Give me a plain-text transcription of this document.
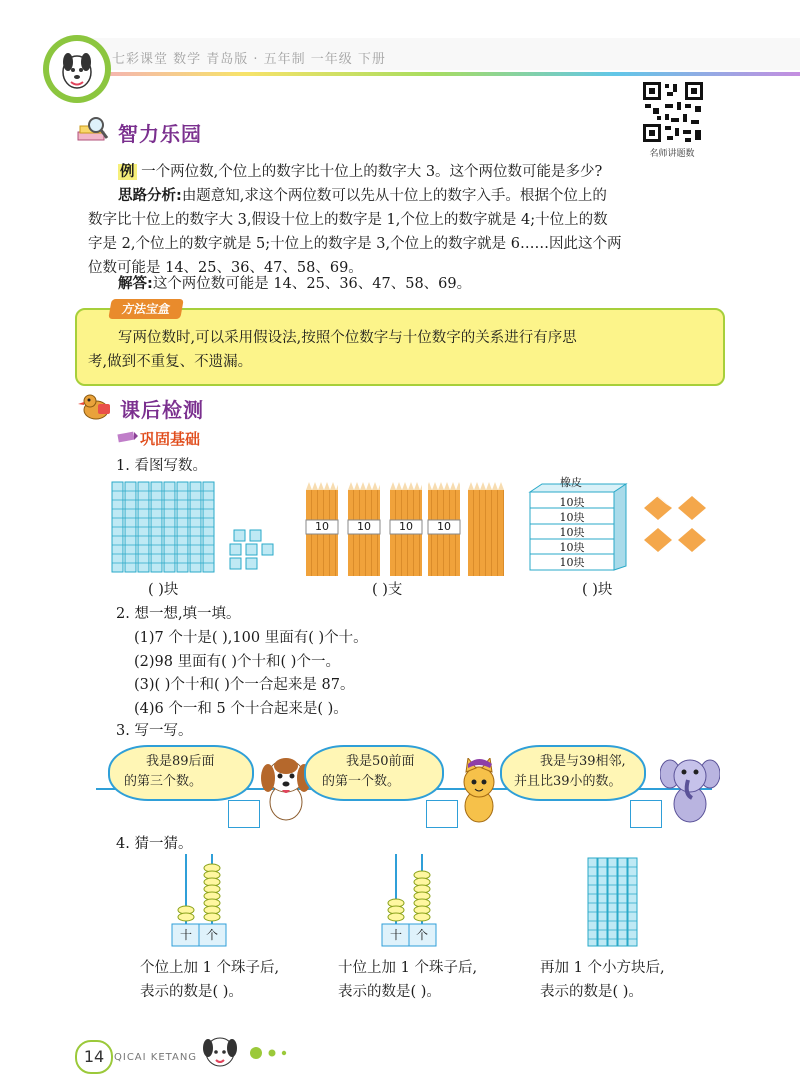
七彩课堂 数学 青岛版 · 五年制 一年级 下册
名师讲题数
智力乐园
例 一个两位数,个位上的数字比十位上的数字大 3。这个两位数可能是多少?
思路分析:由题意知,求这个两位数可以先从十位上的数字入手。根据个位上的
数字比十位上的数字大 3,假设十位上的数字是 1,个位上的数字就是 4;十位上的数
字是 2,个位上的数字就是 5;十位上的数字是 3,个位上的数字就是 6……因此这个两
位数可能是 14、25、36、47、58、69。
解答:这个两位数可能是 14、25、36、47、58、69。
方法宝盒
写两位数时,可以采用假设法,按照个位数字与十位数字的关系进行有序思
考,做到不重复、不遗漏。
课后检测
巩固基础
1. 看图写数。
10	10	10	10
橡皮
10块
10块
10块
10块
10块
( )块	( )支	( )块
2. 想一想,填一填。
(1)7 个十是( ),100 里面有( )个十。
(2)98 里面有( )个十和( )个一。
(3)( )个十和( )个一合起来是 87。
(4)6 个一和 5 个十合起来是( )。
3. 写一写。
我是89后面
的第三个数。
我是50前面
的第一个数。
我是与39相邻,
并且比39小的数。
4. 猜一猜。
十	个	十	个
个位上加 1 个珠子后,
表示的数是( )。
十位上加 1 个珠子后,
表示的数是( )。
再加 1 个小方块后,
表示的数是( )。
14 QICAI KETANG
